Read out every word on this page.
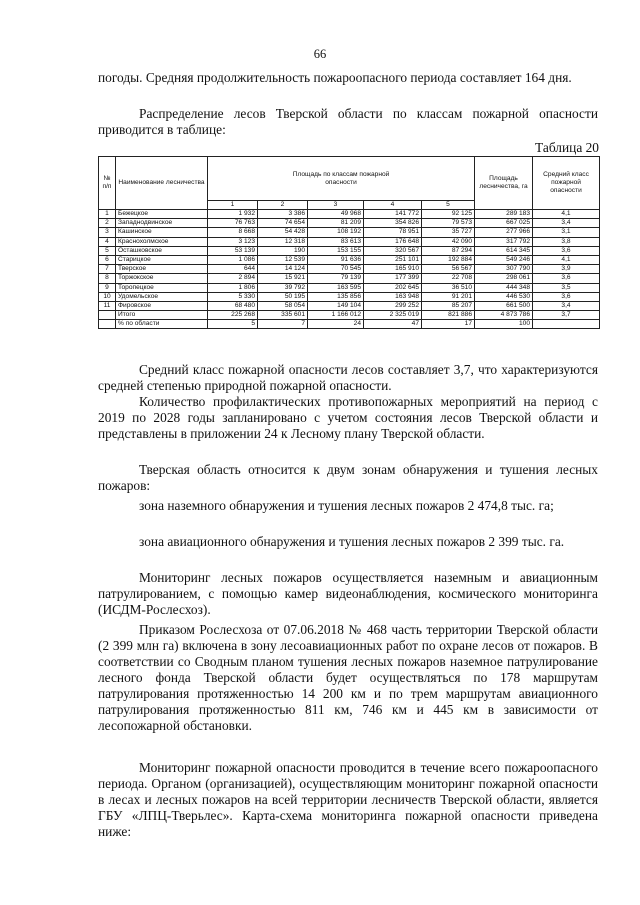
66

погоды. Средняя продолжительность пожароопасного периода составляет 164 дня.

Распределение лесов Тверской области по классам пожарной опасности приводится в таблице:

Таблица 20
№ п/п	Наименование лесничества	Площадь по классам пожарной опасности					Площадь лесничества, га	Средний класс пожарной опасности
		1	2	3	4	5		
1	Бежецкое	1 932	3 386	49 968	141 772	92 125	289 183	4,1
2	Западнодвинское	76 763	74 654	81 209	354 826	79 573	667 025	3,4
3	Кашинское	8 668	54 428	108 192	78 951	35 727	277 966	3,1
4	Краснохолмское	3 123	12 318	83 613	176 648	42 090	317 792	3,8
5	Осташковское	53 139	190	153 155	320 567	87 294	614 345	3,6
6	Старицкое	1 086	12 539	91 636	251 101	192 884	549 246	4,1
7	Тверское	644	14 124	70 545	165 910	56 567	307 790	3,9
8	Торжокское	2 894	15 921	79 139	177 399	22 708	298 061	3,6
9	Торопецкое	1 806	39 792	163 595	202 645	36 510	444 348	3,5
10	Удомельское	5 330	50 195	135 856	163 948	91 201	446 530	3,6
11	Фировское	68 480	58 054	149 104	299 252	85 207	661 500	3,4
	Итого	225 268	335 601	1 166 012	2 325 019	821 886	4 873 786	3,7
	% по области	5	7	24	47	17	100	

Средний класс пожарной опасности лесов составляет 3,7, что характеризуются средней степенью природной пожарной опасности.

Количество профилактических противопожарных мероприятий на период с 2019 по 2028 годы запланировано с учетом состояния лесов Тверской области и представлены в приложении 24 к Лесному плану Тверской области.

Тверская область относится к двум зонам обнаружения и тушения лесных пожаров:

зона наземного обнаружения и тушения лесных пожаров 2 474,8 тыс. га;

зона авиационного обнаружения и тушения лесных пожаров 2 399 тыс. га.

Мониторинг лесных пожаров осуществляется наземным и авиационным патрулированием, с помощью камер видеонаблюдения, космического мониторинга (ИСДМ-Рослесхоз).

Приказом Рослесхоза от 07.06.2018 № 468 часть территории Тверской области (2 399 млн га) включена в зону лесоавиационных работ по охране лесов от пожаров. В соответствии со Сводным планом тушения лесных пожаров наземное патрулирование лесного фонда Тверской области будет осуществляться по 178 маршрутам патрулирования протяженностью 14 200 км и по трем маршрутам авиационного патрулирования протяженностью 811 км, 746 км и 445 км в зависимости от лесопожарной обстановки.

Мониторинг пожарной опасности проводится в течение всего пожароопасного периода. Органом (организацией), осуществляющим мониторинг пожарной опасности в лесах и лесных пожаров на всей территории лесничеств Тверской области, является ГБУ «ЛПЦ-Тверьлес». Карта-схема мониторинга пожарной опасности приведена ниже:
